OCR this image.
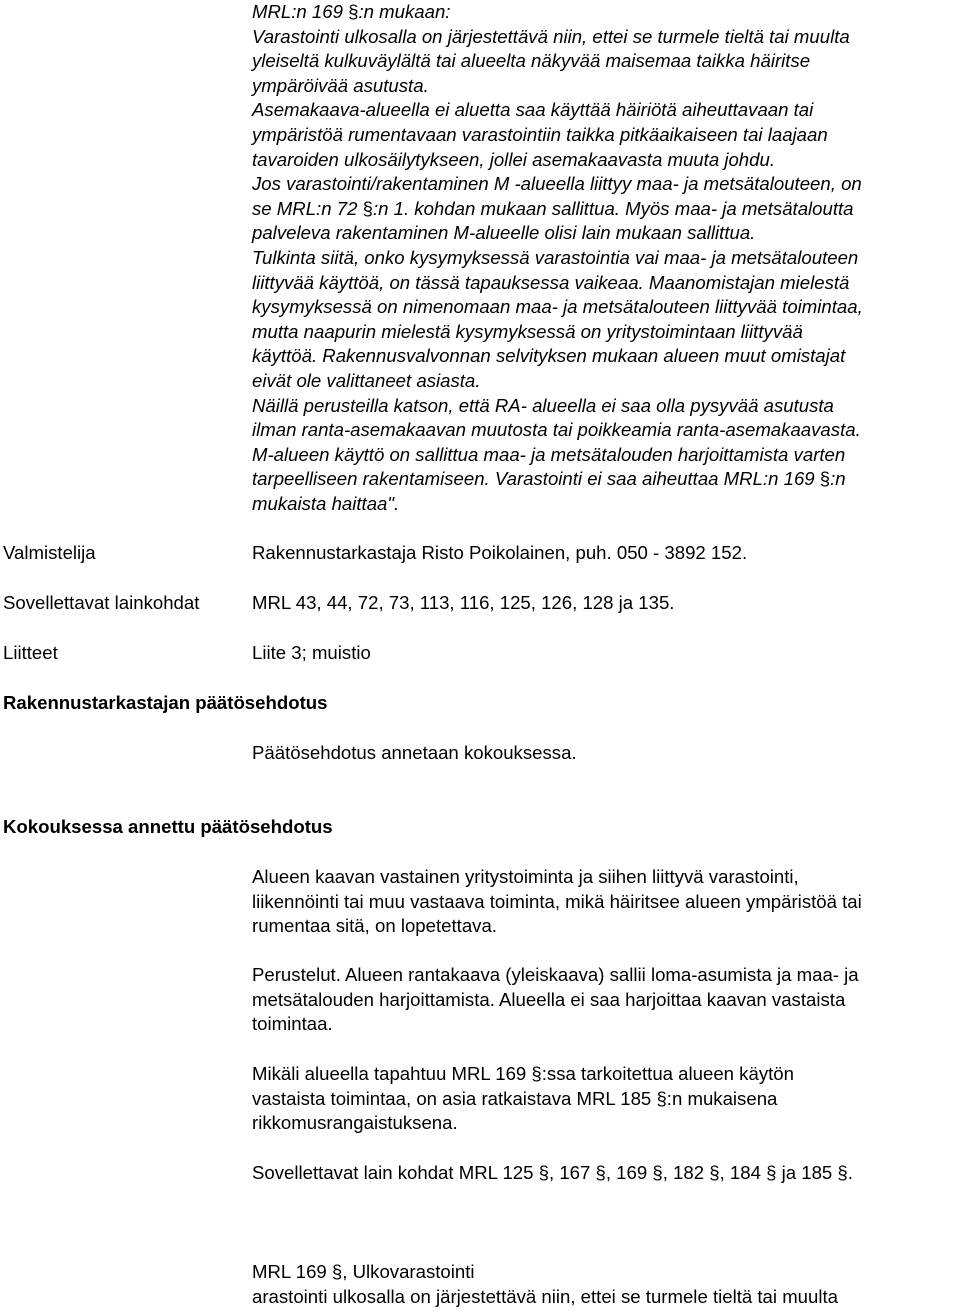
MRL:n 169 §:n mukaan:
Varastointi ulkosalla on järjestettävä niin, ettei se turmele tieltä tai muulta
yleiseltä kulkuväylältä tai alueelta näkyvää maisemaa taikka häiritse
ympäröivää asutusta.
Asemakaava-alueella ei aluetta saa käyttää häiriötä aiheuttavaan tai
ympäristöä rumentavaan varastointiin taikka pitkäaikaiseen tai laajaan
tavaroiden ulkosäilytykseen, jollei asemakaavasta muuta johdu.
Jos varastointi/rakentaminen M -alueella liittyy maa- ja metsätalouteen, on
se MRL:n 72 §:n 1. kohdan mukaan sallittua. Myös maa- ja metsätaloutta
palveleva rakentaminen M-alueelle olisi lain mukaan sallittua.
Tulkinta siitä, onko kysymyksessä varastointia vai maa- ja metsätalouteen
liittyvää käyttöä, on tässä tapauksessa vaikeaa. Maanomistajan mielestä
kysymyksessä on nimenomaan maa- ja metsätalouteen liittyvää toimintaa,
mutta naapurin mielestä kysymyksessä on yritystoimintaan liittyvää
käyttöä. Rakennusvalvonnan selvityksen mukaan alueen muut omistajat
eivät ole valittaneet asiasta.
Näillä perusteilla katson, että RA- alueella ei saa olla pysyvää asutusta
ilman ranta-asemakaavan muutosta tai poikkeamia ranta-asemakaavasta.
M-alueen käyttö on sallittua maa- ja metsätalouden harjoittamista varten
tarpeelliseen rakentamiseen. Varastointi ei saa aiheuttaa MRL:n 169 §:n
mukaista haittaa".
Valmistelija	Rakennustarkastaja Risto Poikolainen, puh. 050 - 3892 152.
Sovellettavat lainkohdat	MRL 43, 44, 72, 73, 113, 116, 125, 126, 128 ja 135.
Liitteet	Liite 3; muistio
Rakennustarkastajan päätösehdotus
Päätösehdotus annetaan kokouksessa.
Kokouksessa annettu päätösehdotus
Alueen kaavan vastainen yritystoiminta ja siihen liittyvä varastointi,
liikennöinti tai muu vastaava toiminta, mikä häiritsee alueen ympäristöä tai
rumentaa sitä, on lopetettava.
Perustelut. Alueen rantakaava (yleiskaava) sallii loma-asumista ja maa- ja
metsätalouden harjoittamista. Alueella ei saa harjoittaa kaavan vastaista
toimintaa.
Mikäli alueella tapahtuu MRL 169 §:ssa tarkoitettua alueen käytön
vastaista toimintaa, on asia ratkaistava MRL 185 §:n mukaisena
rikkomusrangaistuksena.
Sovellettavat lain kohdat MRL 125 §, 167 §, 169 §, 182 §, 184 § ja 185 §.
MRL 169 §, Ulkovarastointi
arastointi ulkosalla on järjestettävä niin, ettei se turmele tieltä tai muulta
